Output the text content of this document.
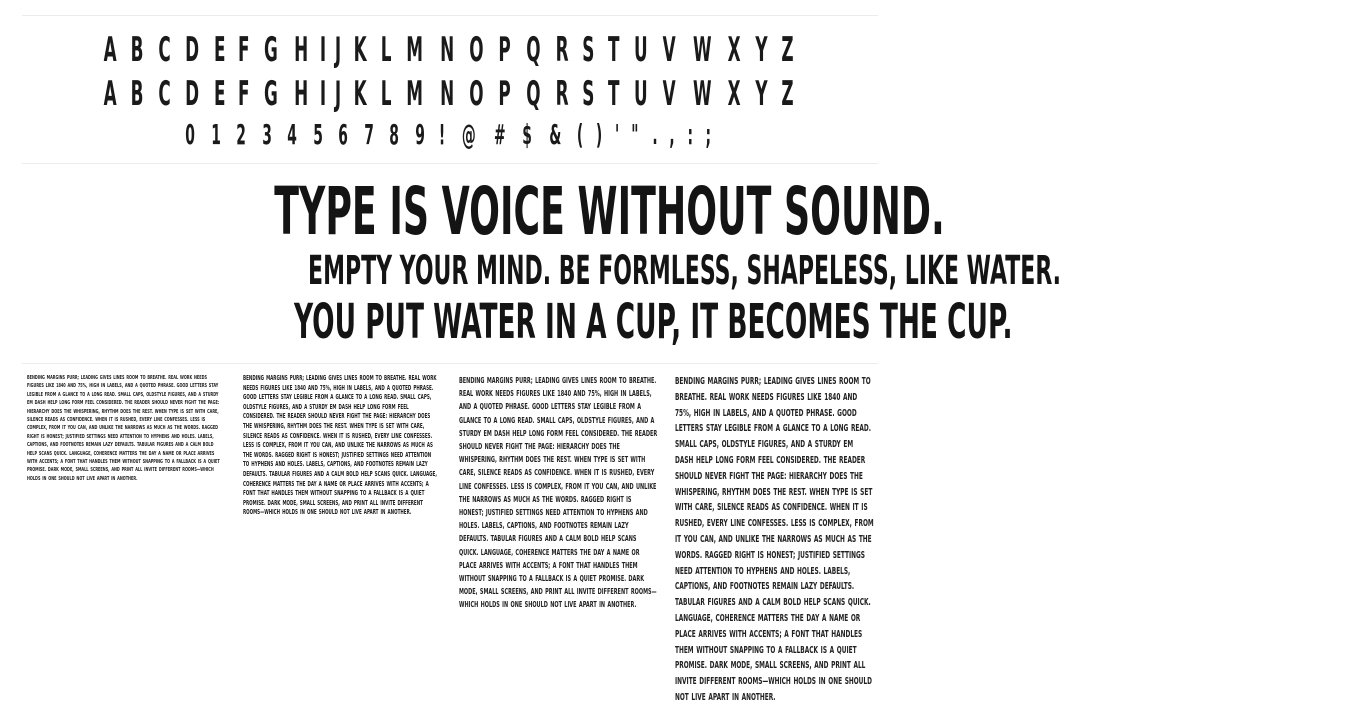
A B C D E F G H I J K L M N O P Q R S T U V W X Y Z
A B C D E F G H I J K L M N O P Q R S T U V W X Y Z
0 1 2 3 4 5 6 7 8 9 ! @ # $ & ( ) ' " . , : ;
TYPE IS VOICE WITHOUT SOUND.
EMPTY YOUR MIND. BE FORMLESS, SHAPELESS, LIKE WATER.
YOU PUT WATER IN A CUP, IT BECOMES THE CUP.
BENDING MARGINS PURR; LEADING GIVES LINES ROOM TO BREATHE. REAL WORK NEEDS FIGURES LIKE 1840 AND 75%, HIGH IN LABELS, AND A QUOTED PHRASE. GOOD LETTERS STAY LEGIBLE FROM A GLANCE TO A LONG READ. SMALL CAPS, OLDSTYLE FIGURES, AND A STURDY EM DASH HELP LONG FORM FEEL CONSIDERED. THE READER SHOULD NEVER FIGHT THE PAGE: HIERARCHY DOES THE WHISPERING, RHYTHM DOES THE REST. WHEN TYPE IS SET WITH CARE, SILENCE READS AS CONFIDENCE. WHEN IT IS RUSHED, EVERY LINE CONFESSES. LESS IS COMPLEX, FROM IT YOU CAN, AND UNLIKE THE NARROWS AS MUCH AS THE WORDS. RAGGED RIGHT IS HONEST; JUSTIFIED SETTINGS NEED ATTENTION TO HYPHENS AND HOLES. LABELS, CAPTIONS, AND FOOTNOTES REMAIN LAZY DEFAULTS. TABULAR FIGURES AND A CALM BOLD HELP SCANS QUICK. LANGUAGE, COHERENCE MATTERS THE DAY A NAME OR PLACE ARRIVES WITH ACCENTS; A FONT THAT HANDLES THEM WITHOUT SNAPPING TO A FALLBACK IS A QUIET PROMISE. DARK MODE, SMALL SCREENS, AND PRINT ALL INVITE DIFFERENT ROOMS—WHICH HOLDS IN ONE SHOULD NOT LIVE APART IN ANOTHER.
BENDING MARGINS PURR; LEADING GIVES LINES ROOM TO BREATHE. REAL WORK NEEDS FIGURES LIKE 1840 AND 75%, HIGH IN LABELS, AND A QUOTED PHRASE. GOOD LETTERS STAY LEGIBLE FROM A GLANCE TO A LONG READ. SMALL CAPS, OLDSTYLE FIGURES, AND A STURDY EM DASH HELP LONG FORM FEEL CONSIDERED. THE READER SHOULD NEVER FIGHT THE PAGE: HIERARCHY DOES THE WHISPERING, RHYTHM DOES THE REST. WHEN TYPE IS SET WITH CARE, SILENCE READS AS CONFIDENCE. WHEN IT IS RUSHED, EVERY LINE CONFESSES. LESS IS COMPLEX, FROM IT YOU CAN, AND UNLIKE THE NARROWS AS MUCH AS THE WORDS. RAGGED RIGHT IS HONEST; JUSTIFIED SETTINGS NEED ATTENTION TO HYPHENS AND HOLES. LABELS, CAPTIONS, AND FOOTNOTES REMAIN LAZY DEFAULTS. TABULAR FIGURES AND A CALM BOLD HELP SCANS QUICK. LANGUAGE, COHERENCE MATTERS THE DAY A NAME OR PLACE ARRIVES WITH ACCENTS; A FONT THAT HANDLES THEM WITHOUT SNAPPING TO A FALLBACK IS A QUIET PROMISE. DARK MODE, SMALL SCREENS, AND PRINT ALL INVITE DIFFERENT ROOMS—WHICH HOLDS IN ONE SHOULD NOT LIVE APART IN ANOTHER.
BENDING MARGINS PURR; LEADING GIVES LINES ROOM TO BREATHE. REAL WORK NEEDS FIGURES LIKE 1840 AND 75%, HIGH IN LABELS, AND A QUOTED PHRASE. GOOD LETTERS STAY LEGIBLE FROM A GLANCE TO A LONG READ. SMALL CAPS, OLDSTYLE FIGURES, AND A STURDY EM DASH HELP LONG FORM FEEL CONSIDERED. THE READER SHOULD NEVER FIGHT THE PAGE: HIERARCHY DOES THE WHISPERING, RHYTHM DOES THE REST. WHEN TYPE IS SET WITH CARE, SILENCE READS AS CONFIDENCE. WHEN IT IS RUSHED, EVERY LINE CONFESSES. LESS IS COMPLEX, FROM IT YOU CAN, AND UNLIKE THE NARROWS AS MUCH AS THE WORDS. RAGGED RIGHT IS HONEST; JUSTIFIED SETTINGS NEED ATTENTION TO HYPHENS AND HOLES. LABELS, CAPTIONS, AND FOOTNOTES REMAIN LAZY DEFAULTS. TABULAR FIGURES AND A CALM BOLD HELP SCANS QUICK. LANGUAGE, COHERENCE MATTERS THE DAY A NAME OR PLACE ARRIVES WITH ACCENTS; A FONT THAT HANDLES THEM WITHOUT SNAPPING TO A FALLBACK IS A QUIET PROMISE. DARK MODE, SMALL SCREENS, AND PRINT ALL INVITE DIFFERENT ROOMS—WHICH HOLDS IN ONE SHOULD NOT LIVE APART IN ANOTHER.
BENDING MARGINS PURR; LEADING GIVES LINES ROOM TO BREATHE. REAL WORK NEEDS FIGURES LIKE 1840 AND 75%, HIGH IN LABELS, AND A QUOTED PHRASE. GOOD LETTERS STAY LEGIBLE FROM A GLANCE TO A LONG READ. SMALL CAPS, OLDSTYLE FIGURES, AND A STURDY EM DASH HELP LONG FORM FEEL CONSIDERED. THE READER SHOULD NEVER FIGHT THE PAGE: HIERARCHY DOES THE WHISPERING, RHYTHM DOES THE REST. WHEN TYPE IS SET WITH CARE, SILENCE READS AS CONFIDENCE. WHEN IT IS RUSHED, EVERY LINE CONFESSES. LESS IS COMPLEX, FROM IT YOU CAN, AND UNLIKE THE NARROWS AS MUCH AS THE WORDS. RAGGED RIGHT IS HONEST; JUSTIFIED SETTINGS NEED ATTENTION TO HYPHENS AND HOLES. LABELS, CAPTIONS, AND FOOTNOTES REMAIN LAZY DEFAULTS. TABULAR FIGURES AND A CALM BOLD HELP SCANS QUICK. LANGUAGE, COHERENCE MATTERS THE DAY A NAME OR PLACE ARRIVES WITH ACCENTS; A FONT THAT HANDLES THEM WITHOUT SNAPPING TO A FALLBACK IS A QUIET PROMISE. DARK MODE, SMALL SCREENS, AND PRINT ALL INVITE DIFFERENT ROOMS—WHICH HOLDS IN ONE SHOULD NOT LIVE APART IN ANOTHER.
